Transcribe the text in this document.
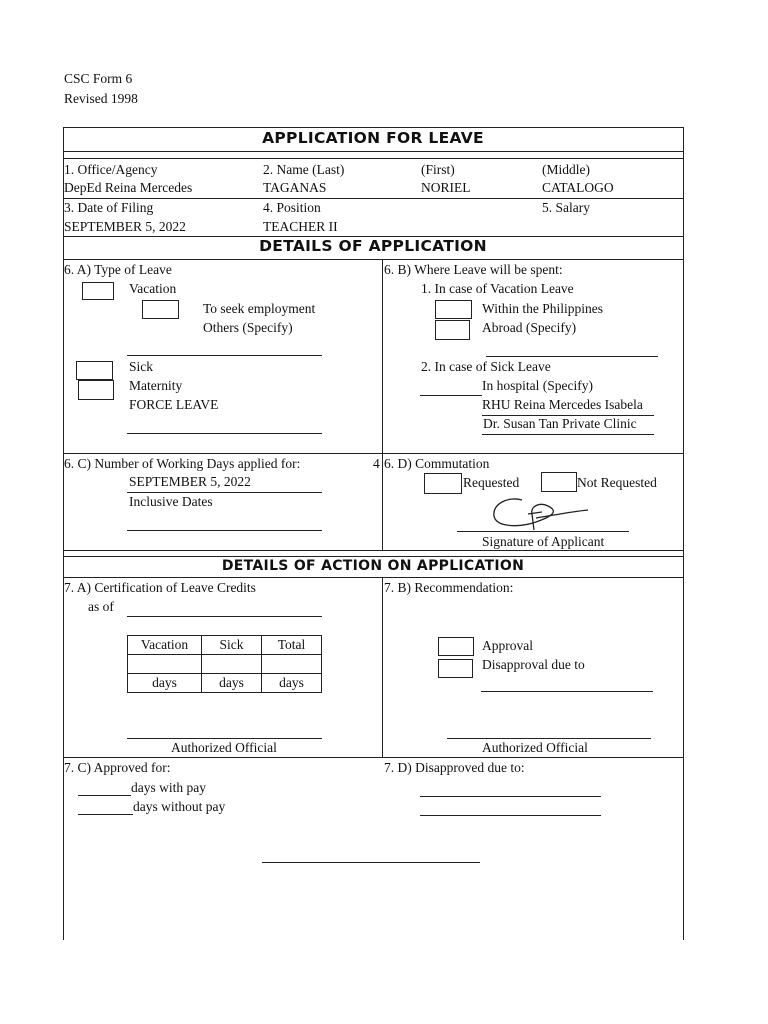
CSC Form 6
Revised 1998
APPLICATION FOR LEAVE
1. Office/Agency
DepEd Reina Mercedes
2. Name (Last)
TAGANAS
(First)
NORIEL
(Middle)
CATALOGO
3. Date of Filing
SEPTEMBER 5, 2022
4. Position
TEACHER II
5. Salary
DETAILS OF APPLICATION
6. A) Type of Leave
Vacation
To seek employment
Others (Specify)
Sick
Maternity
FORCE LEAVE
6. B) Where Leave will be spent:
1. In case of Vacation Leave
Within the Philippines
Abroad (Specify)
2. In case of Sick Leave
In hospital (Specify)
RHU Reina Mercedes Isabela
Dr. Susan Tan Private Clinic
6. C) Number of Working Days applied for:	4
SEPTEMBER 5, 2022
Inclusive Dates
6. D) Commutation
Requested	Not Requested
Signature of Applicant
DETAILS OF ACTION ON APPLICATION
7. A) Certification of Leave Credits
as of
Vacation	Sick	Total

days	days	days
Authorized Official
7. B) Recommendation:
Approval
Disapproval due to
Authorized Official
7. C) Approved for:
days with pay
days without pay
7. D) Disapproved due to:
